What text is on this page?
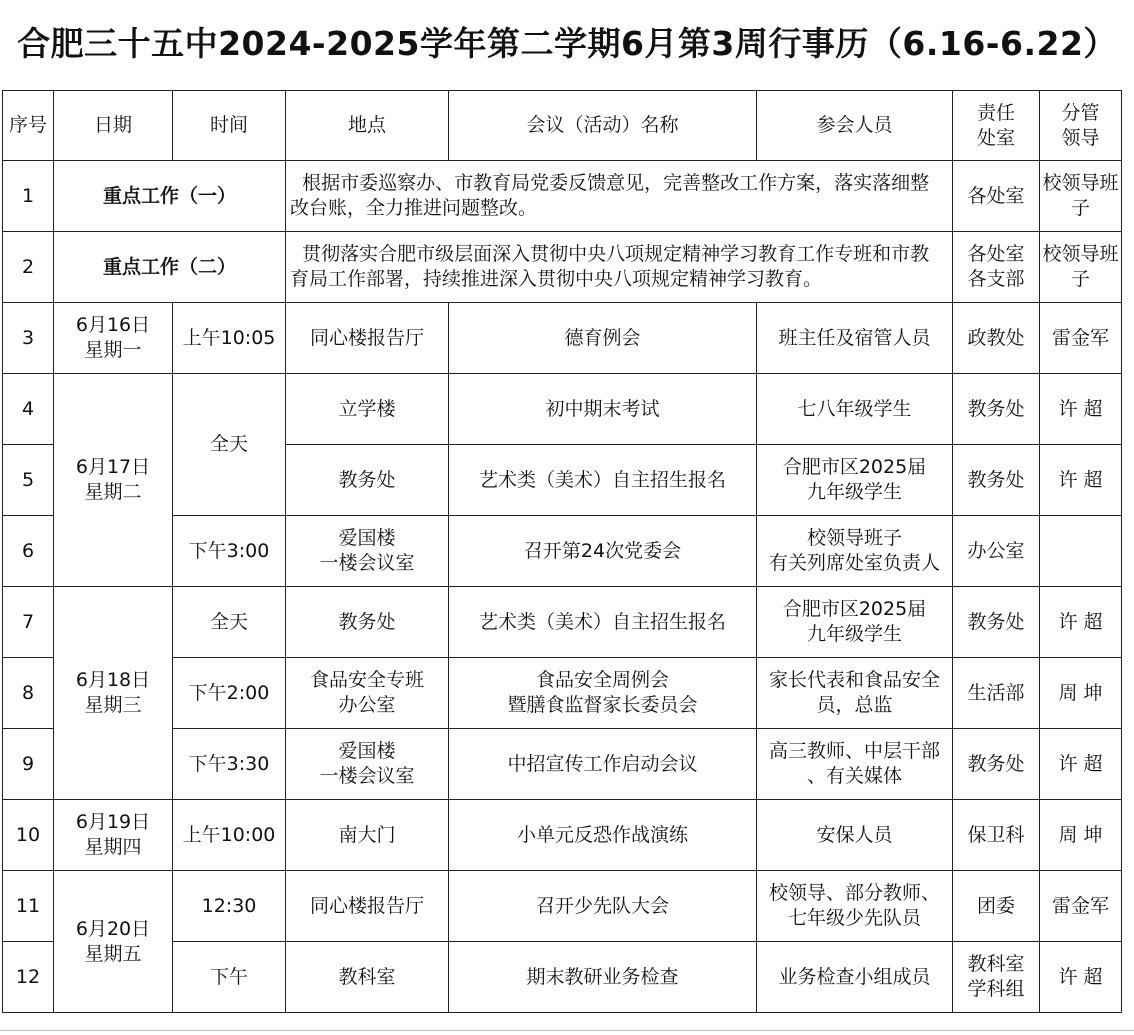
合肥三十五中2024-2025学年第二学期6月第3周行事历（6.16-6.22）
序号	日期	时间	地点	会议（活动）名称	参会人员	责任
处室	分管
领导
1	重点工作（一）		根据市委巡察办、市教育局党委反馈意见，完善整改工作方案，落实落细整改台账，全力推进问题整改。			各处室	校领导班
子
2	重点工作（二）		贯彻落实合肥市级层面深入贯彻中央八项规定精神学习教育工作专班和市教育局工作部署，持续推进深入贯彻中央八项规定精神学习教育。			各处室
各支部	校领导班
子
3	6月16日
星期一	上午10:05	同心楼报告厅	德育例会	班主任及宿管人员	政教处	雷金军
4	6月17日
星期二	全天	立学楼	初中期末考试	七八年级学生	教务处	许 超
5			教务处	艺术类（美术）自主招生报名	合肥市区2025届
九年级学生	教务处	许 超
6		下午3:00	爱国楼
一楼会议室	召开第24次党委会	校领导班子
有关列席处室负责人	办公室	
7	6月18日
星期三	全天	教务处	艺术类（美术）自主招生报名	合肥市区2025届
九年级学生	教务处	许 超
8		下午2:00	食品安全专班
办公室	食品安全周例会
暨膳食监督家长委员会	家长代表和食品安全
员，总监	生活部	周 坤
9		下午3:30	爱国楼
一楼会议室	中招宣传工作启动会议	高三教师、中层干部
、有关媒体	教务处	许 超
10	6月19日
星期四	上午10:00	南大门	小单元反恐作战演练	安保人员	保卫科	周 坤
11	6月20日
星期五	12:30	同心楼报告厅	召开少先队大会	校领导、部分教师、
七年级少先队员	团委	雷金军
12		下午	教科室	期末教研业务检查	业务检查小组成员	教科室
学科组	许 超
